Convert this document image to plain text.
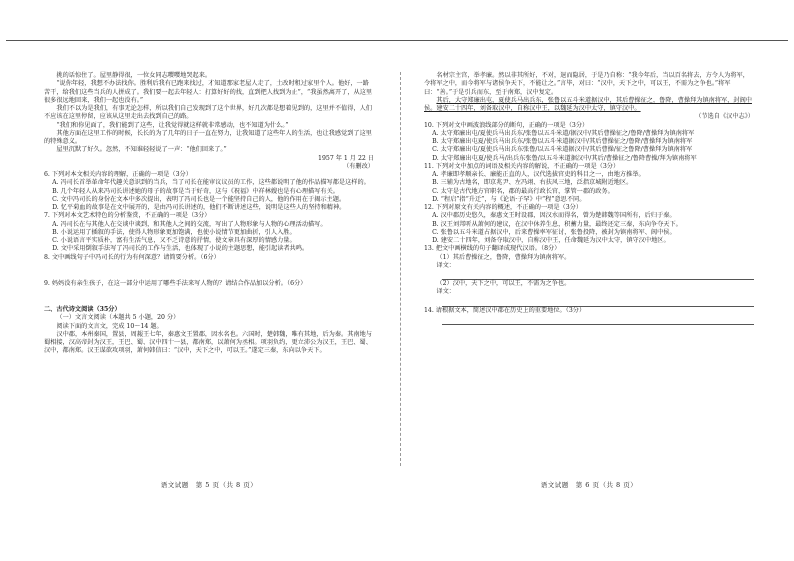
挑的话惊住了。屋里静得很，一位女同志嘤嘤地哭起来。

“说你年轻，我想不办法找你。胜利后我有已跑来找过，才知道那家老屋人走了，土改时租过家里个人。他好，一路苦干，给我们这些当兵的人拼成了。我们要一起去年轻人：打算好好的找，直到把人找到为止”，“我虽然离开了，从这里很多很远地回来，我们一起也没有。”

我们不以为是我们，有事无论怎样，所以我们自己发现到了这个世界，好几次都是想着见到的，这里并不值得，人们不应该在这里停留，应该从这里走出去找到自己的路。

“我们和你见面了，我们能到了这些，让我觉得就这样就非常感动，也不知道为什么。”

其他方面在这里工作的时候，长长的为了几年的日子一直在努力，让我知道了这些年人的生活，也让我感觉到了这里的特殊意义。

屋里沉默了好久。忽然，不知谁轻轻说了一声：“他们回来了。”

1957 年 1 月 22 日

（有删改）

6. 下列对本文相关内容的理解，正确的一项是（3分）

A. 冯司长首举革命年代趣关意识到的当兵，当了司长在能审议议员的工作，这些都说明了他的作品描写都是这样的。

B. 几个年轻人从来冯司长讲述她的母子的故事是当于好奇，这与《祝福》中祥林嫂也是有心理描写有关。

C. 文中冯司长的身份在文本中多次提出，表明了冯司长也是一个能坚持自己的人，他的作用在于揭示主题。

D. 忆平菊血的故事是在文中展开的，是由冯司长讲述的，他们不断讲述这些，说明是这些人的坚持和精神。

7. 下列对本文艺术特色的分析鉴赏，不正确的一项是（3分）

A. 冯司长在与其他人在交谈中谈到，和其他人之间的交流，写出了人物形象与人物的心理活动描写。

B. 小说运用了插叙的手法，使得人物形象更加饱满，也使小说情节更加曲折，引人入胜。

C. 小说语言平实质朴，富有生活气息，又不乏诗意的抒情，使文章具有深厚的情感力量。

D. 文中采用倒叙手法写了冯司长的工作与生活，也体现了小说的主题思想，能引起读者共鸣。

8. 文中画线句子中冯司长的行为有何深意？请简要分析。（6分）

9. 妈妈没有亲生孩子，在这一部分中运用了哪些手法来写人物的？请结合作品加以分析。（6分）

二、古代诗文阅读（35分）

（一）文言文阅读（本题共 5 小题，20 分）

阅读下面的文言文，完成 10～14 题。

汉中郡，本州秦国，置县，周赧王七年，秦惠文王置郡，因水名也。六国时，楚韩魏，唯有其地，后为秦。其南地与蜀相接，汉高帝封为汉王，王巴、蜀、汉中四十一县，都南郑，以萧何为丞相。项羽负约，更立沛公为汉王，王巴、蜀、汉中，都南郑。汉王谋欲攻项羽，萧何韩信曰：“汉中，天下之中，可以王。”遂定三秦，东向以争天下。

名材宗主宫，举孝廉。然以非其所好，不对，退而隐居，于是乃自称：“我今年后，当以百名将去，方令人为将军，令将军之中，而今将军与诸侯争天下，不能让之。”言毕，对曰：“汉中，天下之中，可以王，不需为之争也。”将军曰：“善。”于是引兵而东，至于南郑，汉中复定。

其后，大守郑廉出屯，夏使兵马出兵东，张鲁以五斗米道据汉中，其后曹操征之，鲁降，曹操拜为镇南将军，封阆中侯。建安二十四年，刘备取汉中，自称汉中王，以魏延为汉中太守，镇守汉中。

（节选自《汉中志》）

10. 下列对文中画波浪线部分的断句，正确的一项是（3分）

A. 太守郑廉出屯/夏使兵马出兵东/张鲁以五斗米道/据汉中/其后曹操征之/鲁降/曹操拜为镇南将军

B. 太守郑廉出屯夏/使兵马出兵东/张鲁以五斗米道据汉中/其后曹操征之/鲁降/曹操拜为镇南将军

C. 太守郑廉出屯/夏使兵马出兵东张鲁/以五斗米道据汉中/其后曹操/征之鲁降/曹操拜为镇南将军

D. 太守郑廉出屯夏/使兵马/出兵东张鲁/以五斗米道据汉中/其后/曹操征之/鲁降曹操/拜为镇南将军

11. 下列对文中加点的词语及相关内容的解说，不正确的一项是（3分）

A. 孝廉即孝顺亲长、廉能正直的人，汉代选拔官吏的科目之一，由地方推举。

B. 三辅为古地名，即京兆尹、左冯翊、右扶风三地，泛指京城附近地区。

C. 太守是古代地方官职名，郡的最高行政长官，掌管一郡的政务。

D. “程启”指“升迁”，与《论语·子罕》中“程”意思不同。

12. 下列对原文有关内容的概述，不正确的一项是（3分）

A. 汉中郡历史悠久，秦惠文王时设郡，因汉水而得名，曾为楚韩魏等国所有，后归于秦。

B. 汉王刘邦听从萧何的建议，在汉中休养生息，积蓄力量，最终还定三秦，东向争夺天下。

C. 张鲁以五斗米道占据汉中，后来曹操率军征讨，张鲁投降，被封为镇南将军、阆中侯。

D. 建安二十四年，刘备夺取汉中，自称汉中王，任命魏延为汉中太守，镇守汉中地区。

13. 把文中画横线的句子翻译成现代汉语。（8分）

（1）其后曹操征之，鲁降，曹操拜为镇南将军。

译文：

（2）汉中，天下之中，可以王，不需为之争也。

译文：

14. 请根据文本，简述汉中郡在历史上的重要地位。（3分）

语文试题　第 5 页（共 8 页）	语文试题　第 6 页（共 8 页）
